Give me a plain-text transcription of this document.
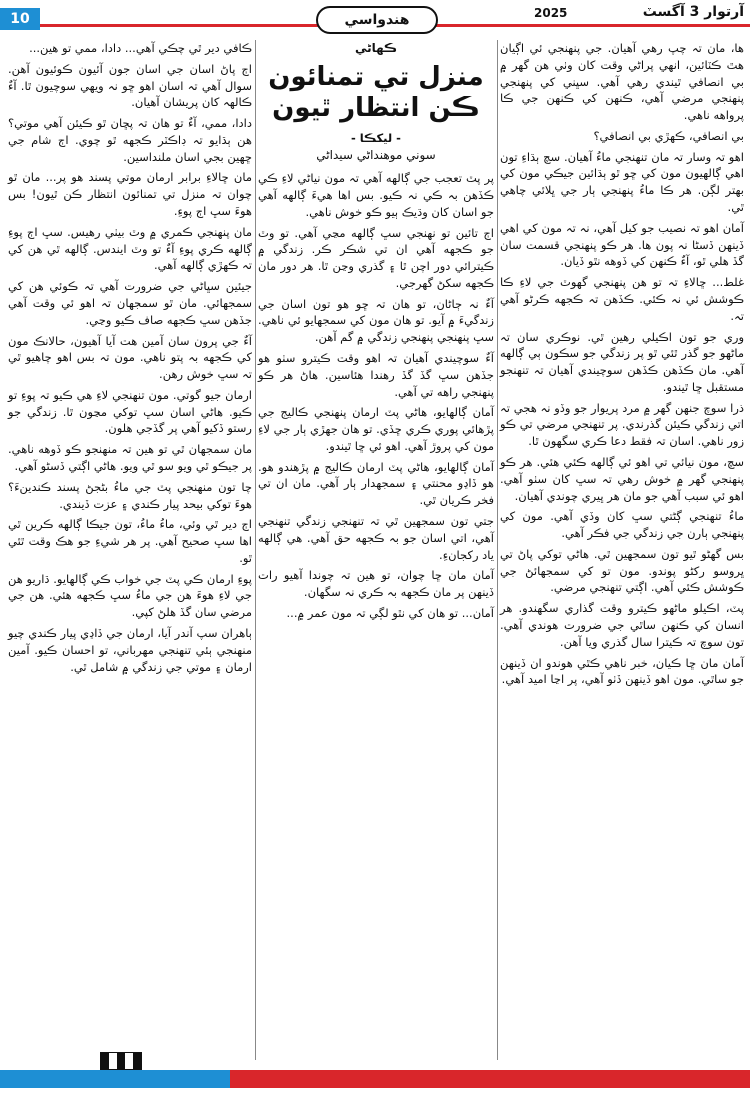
10	هندواسي	2025	آرتوار 3 آگسٽ

ها، مان تہ چپ رهي آهيان. جي پنهنجي ئي اڳيان هٿ ڪٽائين، انهي پراڻي وقت کان وٺي هن گهر ۾ بي انصافي ٿيندي رهي آهي. سڀني کي پنهنجي پنهنجي مرضي آهي، ڪنهن کي ڪنهن جي ڪا پرواهه ناهي.

بي انصافي، ڪهڙي بي انصافي؟

اهو تہ وسار تہ مان تنهنجي ماءُ آهيان. سچ ٻڌاءِ تون اهي ڳالهيون مون کي ڇو ٿو ٻڌائين جيڪي مون کي بهتر لڳن. هر ڪا ماءُ پنهنجي ٻار جي ڀلائي چاهي ٿي.

آمان اهو تہ نصيب جو کيل آهي، نہ تہ مون کي اهي ڏينهن ڏسڻا نہ پون ها. هر ڪو پنهنجي قسمت سان گڏ هلي ٿو، آءٌ ڪنهن کي ڏوهه نٿو ڏيان.

غلط... ڇالاءِ تہ تو هن پنهنجي گهوٽ جي لاءِ ڪا ڪوشش ئي نہ ڪئي. ڪڏهن تہ ڪجهه ڪرڻو آهي تہ.

وري جو تون اڪيلي رهين ٿي. نوڪري سان تہ ماڻهو جو گذر ٿئي ٿو پر زندگي جو سڪون ٻي ڳالهه آهي. مان ڪڏهن ڪڏهن سوچيندي آهيان تہ تنهنجو مستقبل ڇا ٿيندو.

ذرا سوچ جنهن گهر ۾ مرد پريوار جو وڏو نہ هجي تہ اتي زندگي ڪيئن گذرندي. پر تنهنجي مرضي تي ڪو زور ناهي. اسان تہ فقط دعا ڪري سگهون ٿا.

سچ، مون نيائي تي اهو ئي ڳالهه ڪئي هئي. هر ڪو پنهنجي گهر ۾ خوش رهي تہ سڀ کان سٺو آهي. اهو ئي سبب آهي جو مان هر ڀيري چوندي آهيان.

ماءُ تنهنجي ڳڻتي سڀ کان وڏي آهي. مون کي پنهنجي ٻارن جي زندگي جي فڪر آهي.

بس گهڻو ٿيو تون سمجهين ٿي. هاڻي توکي پاڻ تي ڀروسو رکڻو پوندو. مون تو کي سمجهائڻ جي ڪوشش ڪئي آهي. اڳتي تنهنجي مرضي.

پٽ، اڪيلو ماڻهو ڪيترو وقت گذاري سگهندو. هر انسان کي ڪنهن ساٿي جي ضرورت هوندي آهي. تون سوچ تہ ڪيترا سال گذري ويا آهن.

آمان مان ڇا ڪيان، خبر ناهي ڪٿي هوندو ان ڏينهن جو ساٿي. مون اهو ڏينهن ڏٺو آهي، پر اڃا اميد آهي.

ڪهاڻي
منزل تي تمنائون
ڪن انتظار ٿيون
- ليکڪا -
سوني موهنداڻي سيداڻي

پر پٽ تعجب جي ڳالهه آهي تہ مون نياڻي لاءِ ڪي ڪڏهن بہ ڪي نہ ڪيو. بس اها هيءَ ڳالهه آهي جو اسان کان وڌيڪ ٻيو ڪو خوش ناهي.

اڄ تائين تو نهنجي سڀ ڳالهه مڃي آهي. تو وٽ جو ڪجهه آهي ان تي شڪر ڪر. زندگي ۾ ڪيترائي دور اچن ٿا ۽ گذري وڃن ٿا. هر دور مان ڪجهه سکڻ گهرجي.

آءٌ نہ ڄاڻان، تو هان تہ ڇو هو تون اسان جي زندگيءَ ۾ آيو. تو هان مون کي سمجهايو ئي ناهي. سڀ پنهنجي پنهنجي زندگي ۾ گم آهن.

آءٌ سوچيندي آهيان تہ اهو وقت ڪيترو سٺو هو جڏهن سڀ گڏ گڏ رهندا هئاسين. هاڻ هر ڪو پنهنجي راهه تي آهي.

آمان ڳالهايو، هاڻي پٽ ارمان پنهنجي ڪاليج جي پڙهائي پوري ڪري ڇڏي. تو هان جهڙي ٻار جي لاءِ مون کي پروڙ آهي. اهو ئي ڇا ٿيندو.

آمان ڳالهايو، هاڻي پٽ ارمان ڪاليج ۾ پڙهندو هو. هو ڏاڍو محنتي ۽ سمجهدار ٻار آهي. مان ان تي فخر ڪريان ٿي.

جتي تون سمجهين ٿي تہ تنهنجي زندگي تنهنجي آهي، اتي اسان جو بہ ڪجهه حق آهي. هي ڳالهه ياد رکجانءِ.

آمان مان ڇا چوان، تو هين تہ چوندا آهيو رات ڏينهن پر مان ڪجهه بہ ڪري نہ سگهان.

آمان... تو هان کي نٿو لڳي تہ مون عمر ۾...

ڪافي دير ٿي چڪي آهي... دادا، ممي تو هين...

اڄ پاڻ اسان جي اسان جون آئيون ڪوئيون آهن. سوال آهي تہ اسان اهو ڇو نہ ويهي سوچيون ٿا. آءٌ ڪالهہ کان پريشان آهيان.

دادا، ممي، آءٌ تو هان تہ پڇان ٿو ڪيئن آهي موتي؟ هن ٻڌايو تہ ڊاڪٽر ڪجهه ٿو چوي. اڄ شام جي ڇهين بجي اسان ملنداسين.

مان ڇالاءِ برابر ارمان موتي پسند هو پر... مان ٿو چوان تہ منزل تي تمنائون انتظار ڪن ٿيون! بس هوءَ سڀ اڄ پوءِ.

مان پنهنجي ڪمري ۾ وٽ بيٺي رهيس. سڀ اڄ پوءِ ڳالهه ڪري پوءِ آءٌ تو وٽ ايندس. ڳالهه ٿي هن کي تہ ڪهڙي ڳالهه آهي.

جيئين سڀاڻي جي ضرورت آهي تہ ڪوئي هن کي سمجهائي. مان ٿو سمجهان تہ اهو ئي وقت آهي جڏهن سڀ ڪجهه صاف ڪيو وڃي.

آءٌ جي پرون سان آمين هت آيا آهيون، حالانڪ مون کي ڪجهه بہ پتو ناهي. مون تہ بس اهو چاهيو ٿي تہ سڀ خوش رهن.

ارمان جيو گوتي. مون تنهنجي لاءِ هي ڪيو تہ پوءِ تو ڪيو. هاڻي اسان سڀ توکي مڃون ٿا. زندگي جو رستو ڏکيو آهي پر گڏجي هلون.

مان سمجهان ٿي تو هين تہ منهنجو ڪو ڏوهه ناهي. پر جيڪو ٿي ويو سو ٿي ويو. هاڻي اڳتي ڏسڻو آهي.

چا تون منهنجي پٽ جي ماءُ بڻجڻ پسند ڪندينءَ؟ هوءَ توکي بيحد پيار ڪندي ۽ عزت ڏيندي.

اڄ دير ٿي وئي، ماءُ ماءُ، تون جيڪا ڳالهه ڪرين ٿي اها سڀ صحيح آهي. پر هر شيءِ جو هڪ وقت ٿئي ٿو.

پوءِ ارمان ڪي پٽ جي خواب ڪي ڳالهايو. ڌاريو هن جي لاءِ هوءَ هن جي ماءُ سڀ ڪجهه هئي. هن جي مرضي سان گڏ هلڻ کپي.

ٻاهران سپ آندر آيا، ارمان جي ڏاڍي پيار ڪندي چيو منهنجي ٻئي تنهنجي مهرباني، تو احسان ڪيو. آمين ارمان ۽ موتي جي زندگي ۾ شامل ٿي.
